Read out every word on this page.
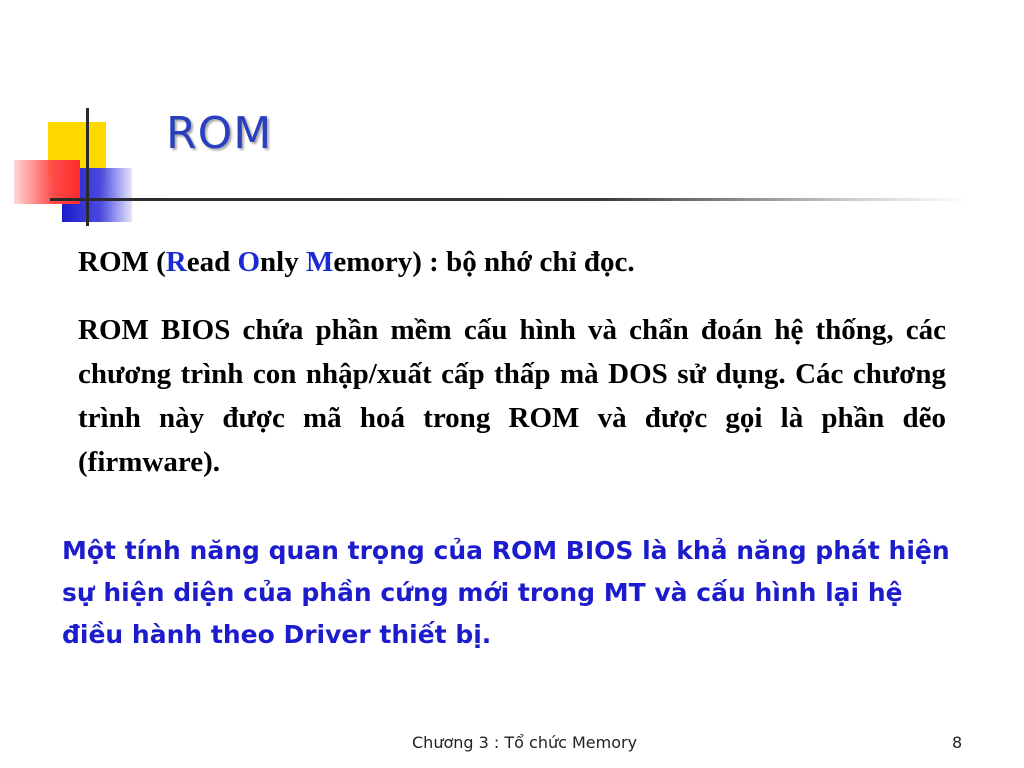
ROM

ROM (Read Only Memory) : bộ nhớ chỉ đọc.

ROM BIOS chứa phần mềm cấu hình và chẩn đoán hệ thống, các chương trình con nhập/xuất cấp thấp mà DOS sử dụng. Các chương trình này được mã hoá trong ROM và được gọi là phần dẽo (firmware).

Một tính năng quan trọng của ROM BIOS là khả năng phát hiện sự hiện diện của phần cứng mới trong MT và cấu hình lại hệ điều hành theo Driver thiết bị.

Chương 3 : Tổ chức Memory	8
